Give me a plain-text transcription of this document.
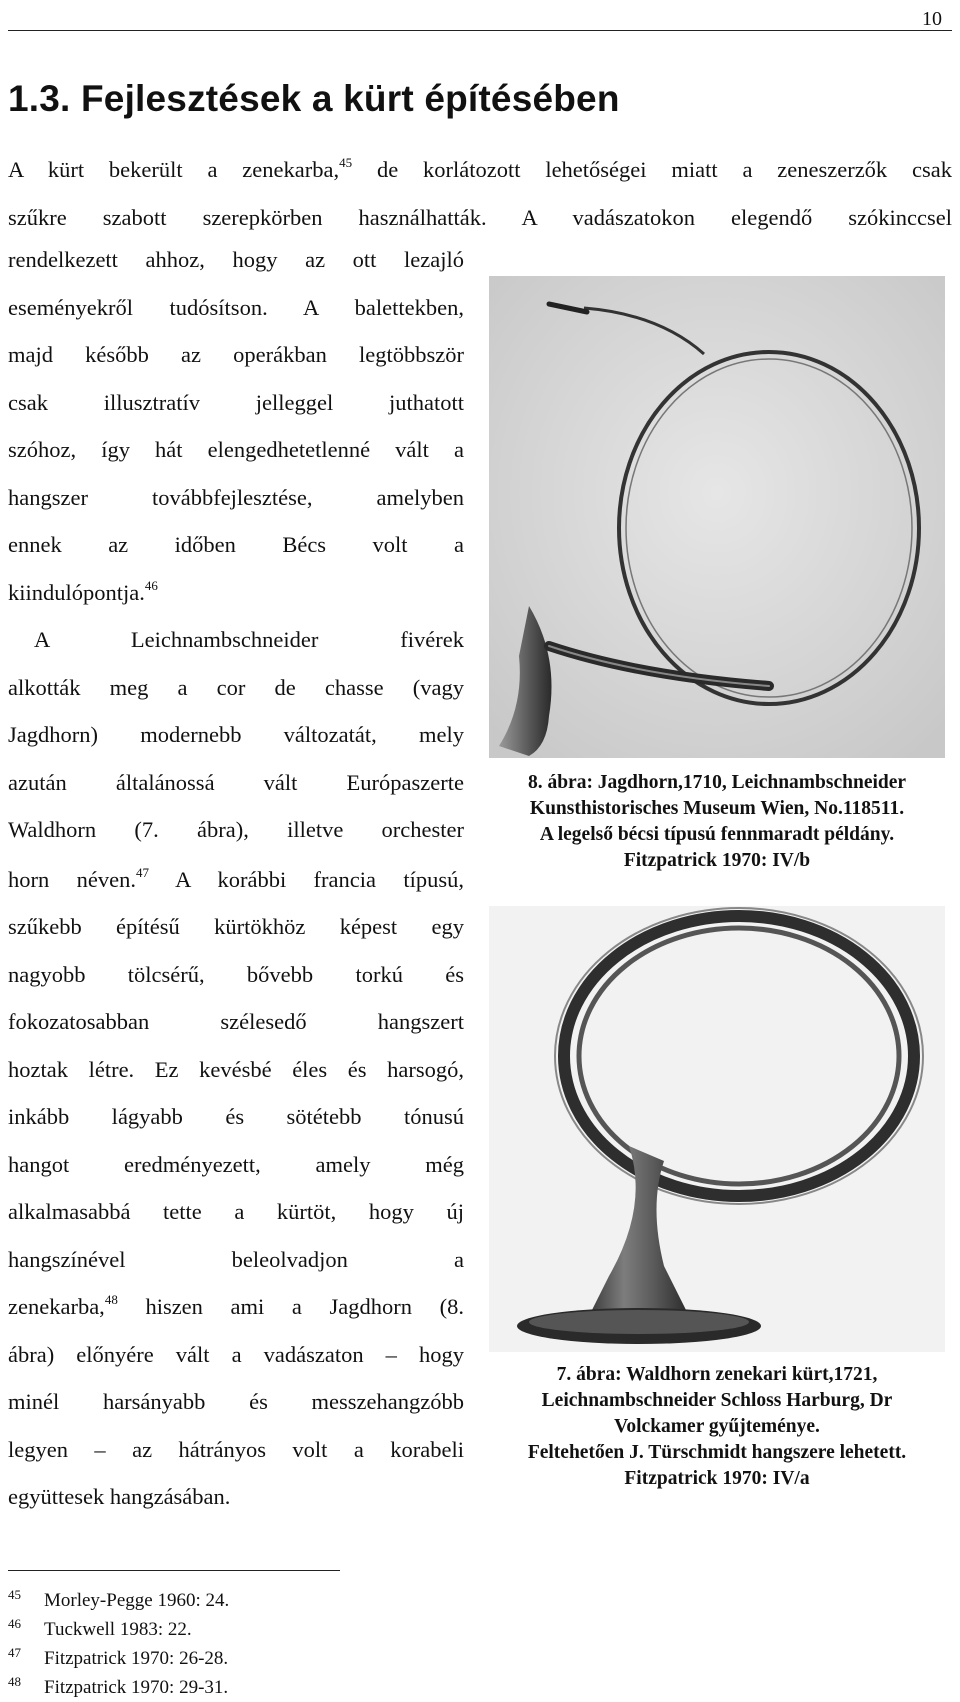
10
1.3. Fejlesztések a kürt építésében
A kürt bekerült a zenekarba,$^{45}$ de korlátozott lehetőségei miatt a zeneszerzők csak
szűkre szabott szerepkörben használhatták. A vadászatokon elegendő szókinccsel
rendelkezett ahhoz, hogy az ott lezajló
eseményekről tudósítson. A balettekben,
majd később az operákban legtöbbször
csak illusztratív jelleggel juthatott
szóhoz, így hát elengedhetetlenné vált a
hangszer továbbfejlesztése, amelyben
ennek az időben Bécs volt a
kiindulópontja.$^{46}$
A Leichnambschneider fivérek
alkották meg a cor de chasse (vagy
Jagdhorn) modernebb változatát, mely
azután általánossá vált Európaszerte
Waldhorn (7. ábra), illetve orchester
horn néven.$^{47}$ A korábbi francia típusú,
szűkebb építésű kürtökhöz képest egy
nagyobb tölcsérű, bővebb torkú és
fokozatosabban szélesedő hangszert
hoztak létre. Ez kevésbé éles és harsogó,
inkább lágyabb és sötétebb tónusú
hangot eredményezett, amely még
alkalmasabbá tette a kürtöt, hogy új
hangszínével beleolvadjon a
zenekarba,$^{48}$ hiszen ami a Jagdhorn (8.
ábra) előnyére vált a vadászaton – hogy
minél harsányabb és messzehangzóbb
legyen – az hátrányos volt a korabeli
együttesek hangzásában.
8. ábra: Jagdhorn,1710, Leichnambschneider
Kunsthistorisches Museum Wien, No.118511.
A legelső bécsi típusú fennmaradt példány.
Fitzpatrick 1970: IV/b
7. ábra: Waldhorn zenekari kürt,1721,
Leichnambschneider Schloss Harburg, Dr
Volckamer gyűjteménye.
Feltehetően J. Türschmidt hangszere lehetett.
Fitzpatrick 1970: IV/a
45	Morley-Pegge 1960: 24.
46	Tuckwell 1983: 22.
47	Fitzpatrick 1970: 26-28.
48	Fitzpatrick 1970: 29-31.
